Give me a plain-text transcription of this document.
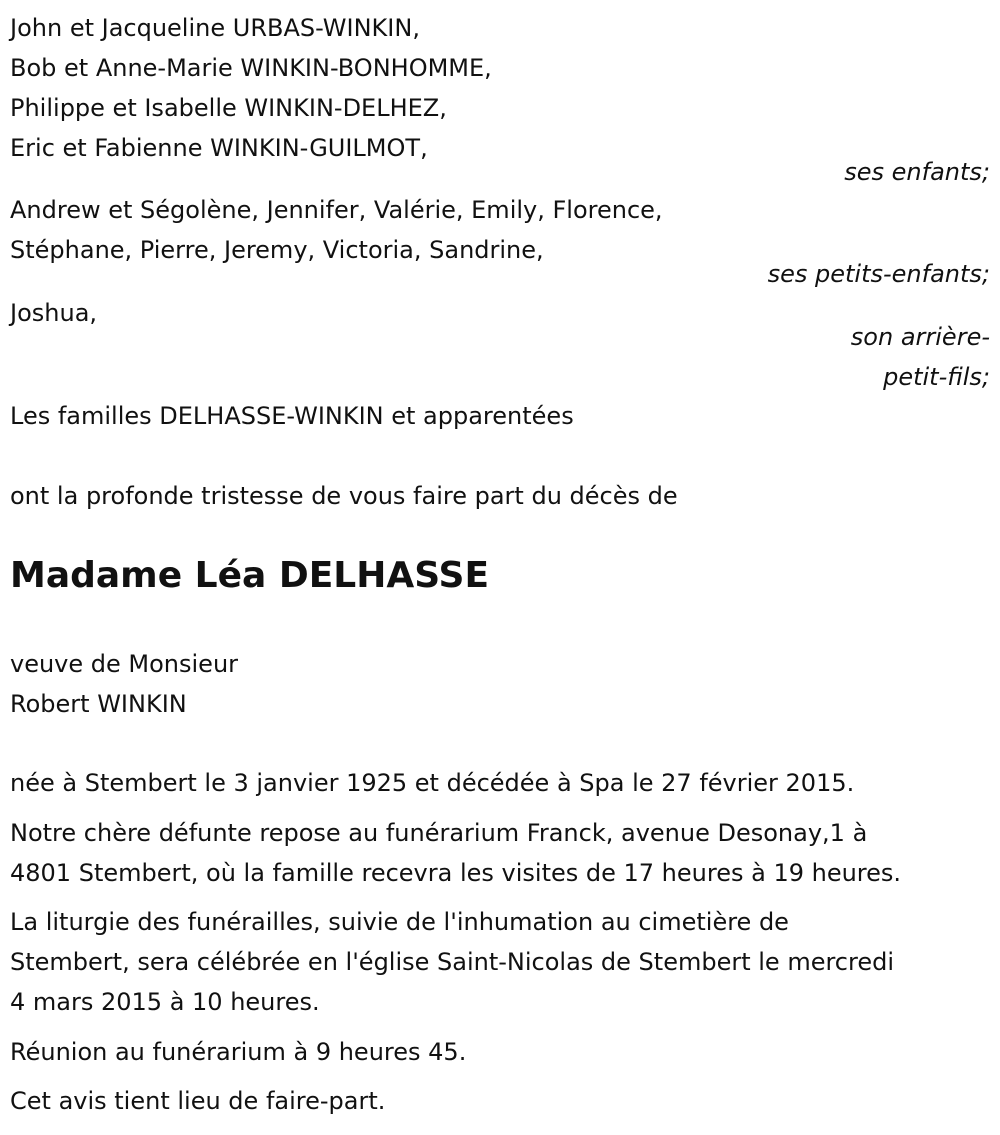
John et Jacqueline URBAS-WINKIN,
Bob et Anne-Marie WINKIN-BONHOMME,
Philippe et Isabelle WINKIN-DELHEZ,
Eric et Fabienne WINKIN-GUILMOT,
ses enfants;
Andrew et Ségolène, Jennifer, Valérie, Emily, Florence,
Stéphane, Pierre, Jeremy, Victoria, Sandrine,
ses petits-enfants;
Joshua,
son arrière-
petit-fils;
Les familles DELHASSE-WINKIN et apparentées
ont la profonde tristesse de vous faire part du décès de
Madame Léa DELHASSE
veuve de Monsieur
Robert WINKIN
née à Stembert le 3 janvier 1925 et décédée à Spa le 27 février 2015.
Notre chère défunte repose au funérarium Franck, avenue Desonay,1 à
4801 Stembert, où la famille recevra les visites de 17 heures à 19 heures.
La liturgie des funérailles, suivie de l'inhumation au cimetière de
Stembert, sera célébrée en l'église Saint-Nicolas de Stembert le mercredi
4 mars 2015 à 10 heures.
Réunion au funérarium à 9 heures 45.
Cet avis tient lieu de faire-part.
